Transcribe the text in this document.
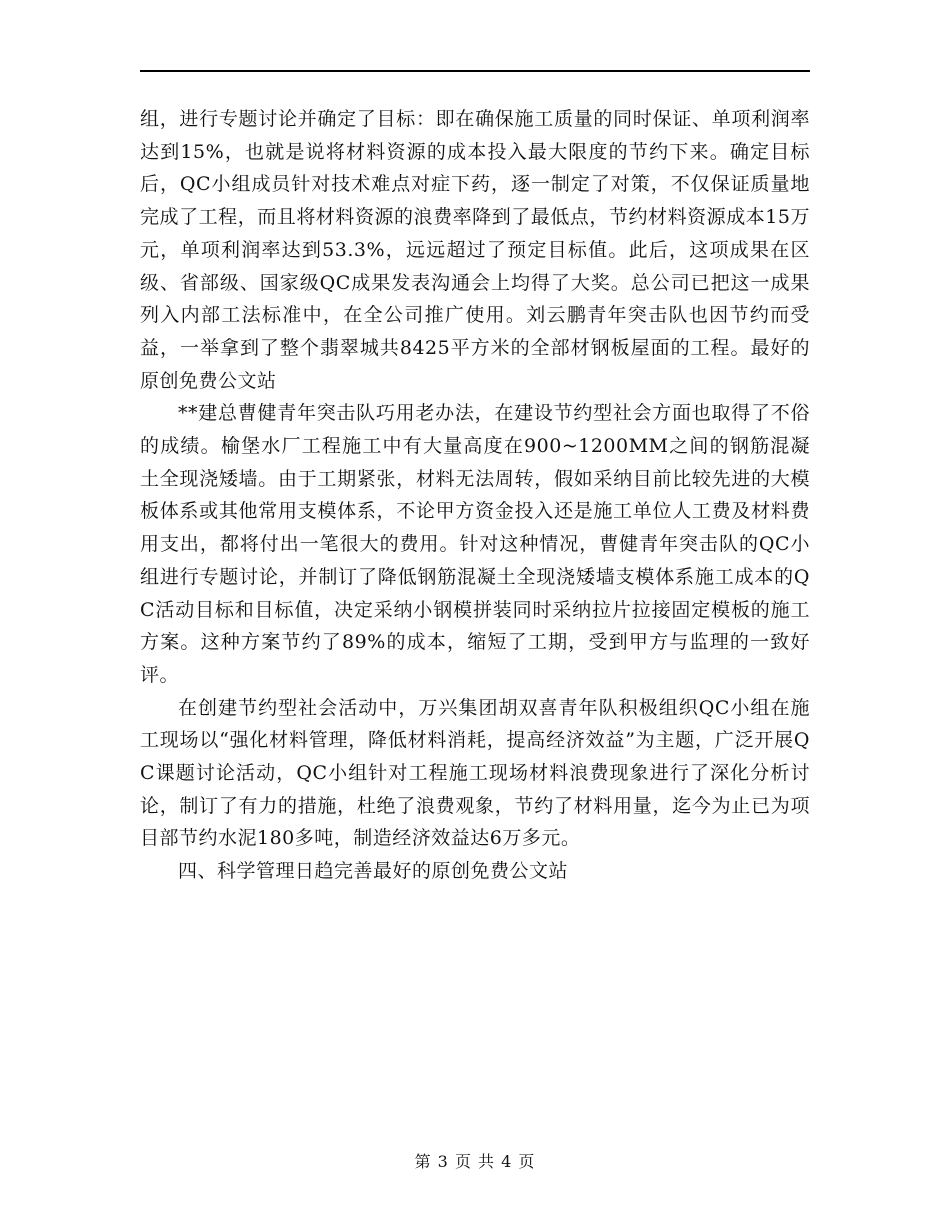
组，进行专题讨论并确定了目标：即在确保施工质量的同时保证、单项利润率达到15%，也就是说将材料资源的成本投入最大限度的节约下来。确定目标后，QC小组成员针对技术难点对症下药，逐一制定了对策，不仅保证质量地完成了工程，而且将材料资源的浪费率降到了最低点，节约材料资源成本15万元，单项利润率达到53.3%，远远超过了预定目标值。此后，这项成果在区级、省部级、国家级QC成果发表沟通会上均得了大奖。总公司已把这一成果列入内部工法标准中，在全公司推广使用。刘云鹏青年突击队也因节约而受益，一举拿到了整个翡翠城共8425平方米的全部材钢板屋面的工程。最好的原创免费公文站

**建总曹健青年突击队巧用老办法，在建设节约型社会方面也取得了不俗的成绩。榆堡水厂工程施工中有大量高度在900~1200MM之间的钢筋混凝土全现浇矮墙。由于工期紧张，材料无法周转，假如采纳目前比较先进的大模板体系或其他常用支模体系，不论甲方资金投入还是施工单位人工费及材料费用支出，都将付出一笔很大的费用。针对这种情况，曹健青年突击队的QC小组进行专题讨论，并制订了降低钢筋混凝土全现浇矮墙支模体系施工成本的QC活动目标和目标值，决定采纳小钢模拼装同时采纳拉片拉接固定模板的施工方案。这种方案节约了89%的成本，缩短了工期，受到甲方与监理的一致好评。

在创建节约型社会活动中，万兴集团胡双喜青年队积极组织QC小组在施工现场以“强化材料管理，降低材料消耗，提高经济效益”为主题，广泛开展QC课题讨论活动，QC小组针对工程施工现场材料浪费现象进行了深化分析讨论，制订了有力的措施，杜绝了浪费观象，节约了材料用量，迄今为止已为项目部节约水泥180多吨，制造经济效益达6万多元。

四、科学管理日趋完善最好的原创免费公文站

第 3 页 共 4 页
